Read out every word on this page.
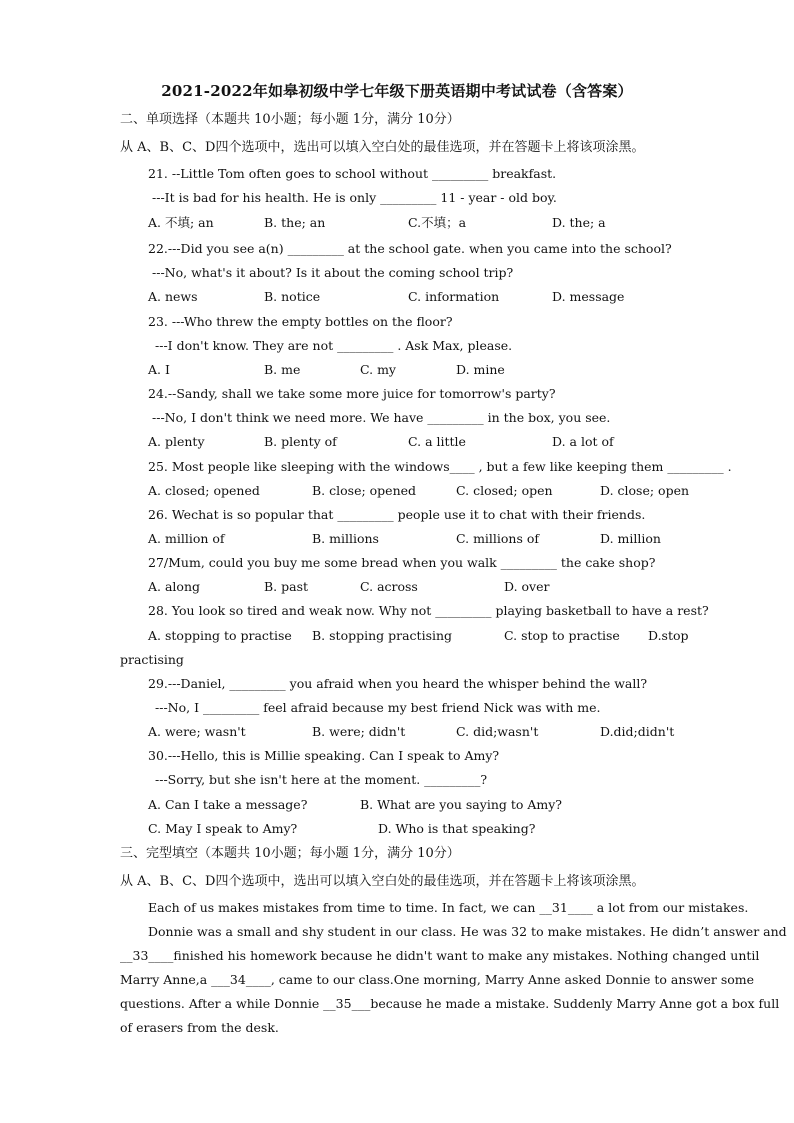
2021-2022年如皋初级中学七年级下册英语期中考试试卷（含答案）
二、单项选择（本题共 10小题；每小题 1分，满分 10分）
从 A、B、C、D四个选项中，选出可以填入空白处的最佳选项，并在答题卡上将该项涂黑。
21. --Little Tom often goes to school without _________ breakfast.
---It is bad for his health. He is only _________ 11 - year - old boy.
A. 不填; an	B. the; an	C.不填；a	D. the; a
22.---Did you see a(n) _________ at the school gate. when you came into the school?
---No, what's it about? Is it about the coming school trip?
A. news	B. notice	C. information	D. message
23. ---Who threw the empty bottles on the floor?
---I don't know. They are not _________ . Ask Max, please.
A. I	B. me	C. my	D. mine
24.--Sandy, shall we take some more juice for tomorrow's party?
---No, I don't think we need more. We have _________ in the box, you see.
A. plenty	B. plenty of	C. a little	D. a lot of
25. Most people like sleeping with the windows____ , but a few like keeping them _________ .
A. closed; opened	B. close; opened	C. closed; open	D. close; open
26. Wechat is so popular that _________ people use it to chat with their friends.
A. million of	B. millions	C. millions of	D. million
27/Mum, could you buy me some bread when you walk _________ the cake shop?
A. along	B. past	C. across	D. over
28. You look so tired and weak now. Why not _________ playing basketball to have a rest?
A. stopping to practise B. stopping practising	C. stop to practise D.stop
practising
29.---Daniel, _________ you afraid when you heard the whisper behind the wall?
---No, I _________ feel afraid because my best friend Nick was with me.
A. were; wasn't	B. were; didn't	C. did;wasn't	D.did;didn't
30.---Hello, this is Millie speaking. Can I speak to Amy?
---Sorry, but she isn't here at the moment. _________?
A. Can I take a message?	B. What are you saying to Amy?
C. May I speak to Amy?	D. Who is that speaking?
三、完型填空（本题共 10小题；每小题 1分，满分 10分）
从 A、B、C、D四个选项中，选出可以填入空白处的最佳选项，并在答题卡上将该项涂黑。
Each of us makes mistakes from time to time. In fact, we can __31____ a lot from our mistakes.
Donnie was a small and shy student in our class. He was 32 to make mistakes. He didn’t answer and
__33____finished his homework because he didn't want to make any mistakes. Nothing changed until
Marry Anne,a ___34____, came to our class.One morning, Marry Anne asked Donnie to answer some
questions. After a while Donnie __35___because he made a mistake. Suddenly Marry Anne got a box full
of erasers from the desk.
